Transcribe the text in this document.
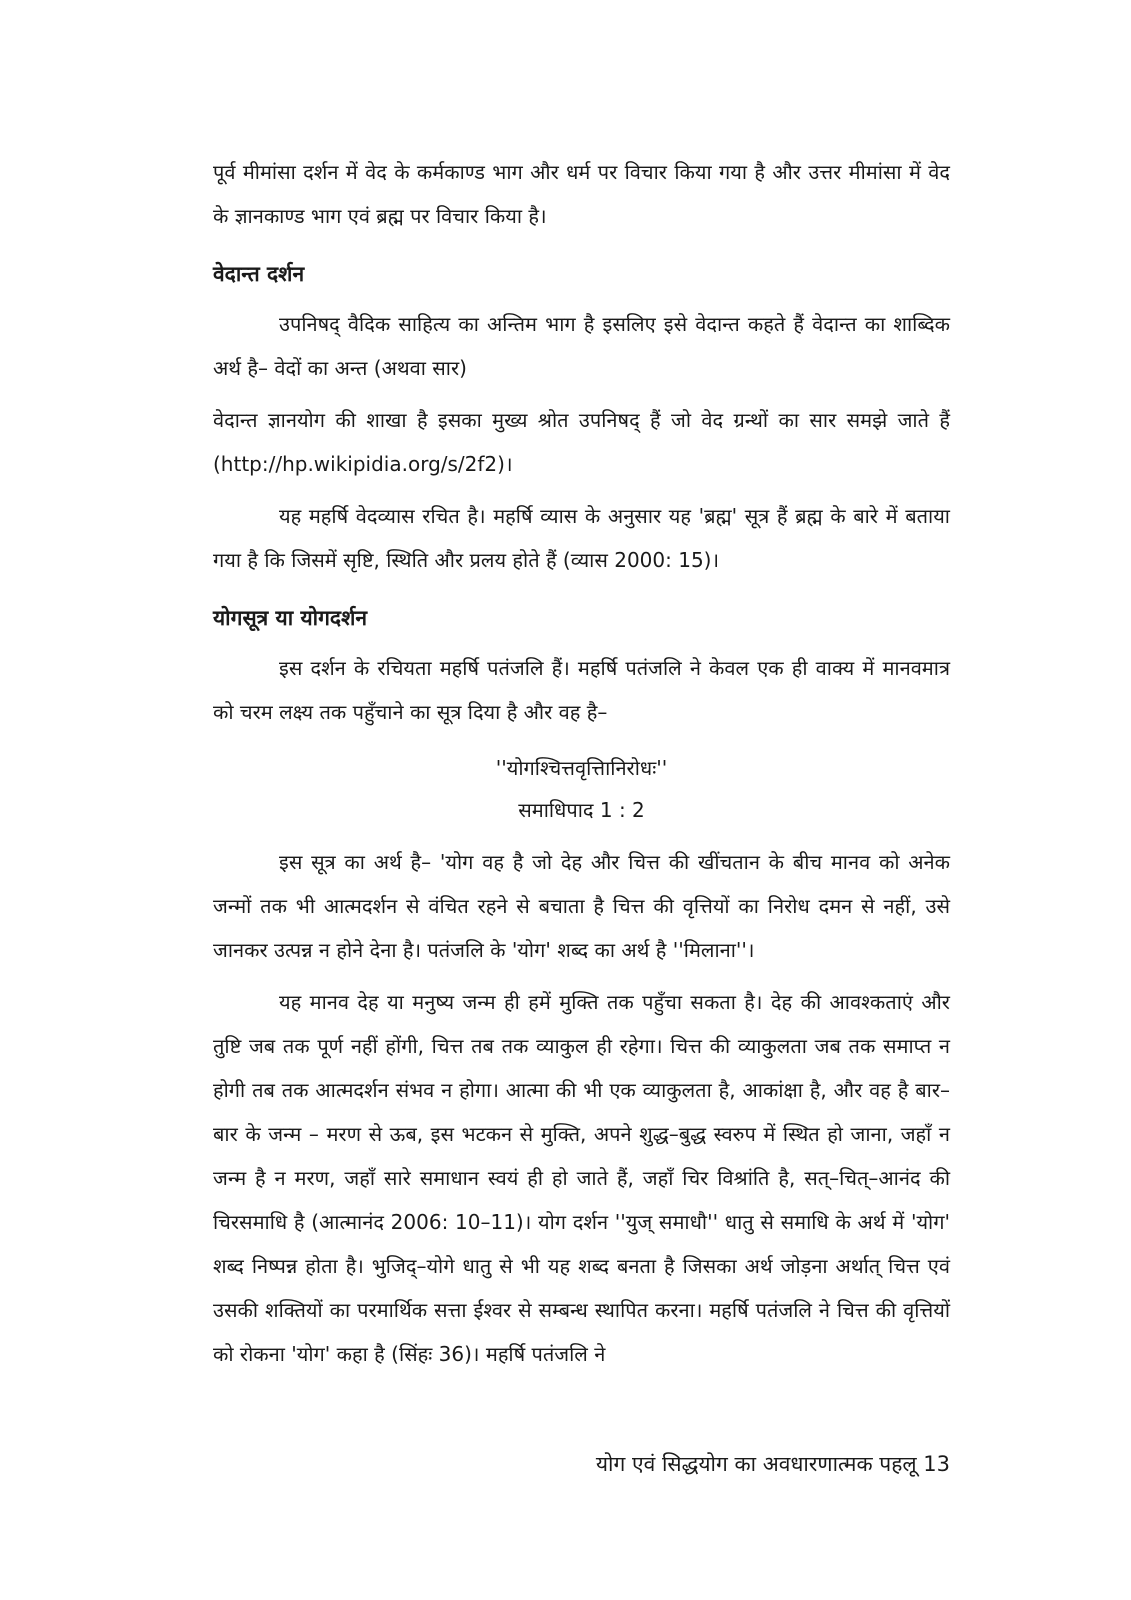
पूर्व मीमांसा दर्शन में वेद के कर्मकाण्ड भाग और धर्म पर विचार किया गया है और उत्तर मीमांसा में वेद के ज्ञानकाण्ड भाग एवं ब्रह्म पर विचार किया है।

वेदान्त दर्शन

उपनिषद् वैदिक साहित्य का अन्तिम भाग है इसलिए इसे वेदान्त कहते हैं वेदान्त का शाब्दिक अर्थ है– वेदों का अन्त (अथवा सार)

वेदान्त ज्ञानयोग की शाखा है इसका मुख्य श्रोत उपनिषद् हैं जो वेद ग्रन्थों का सार समझे जाते हैं (http://hp.wikipidia.org/s/2f2)।

यह महर्षि वेदव्यास रचित है। महर्षि व्यास के अनुसार यह 'ब्रह्म' सूत्र हैं ब्रह्म के बारे में बताया गया है कि जिसमें सृष्टि, स्थिति और प्रलय होते हैं (व्यास 2000: 15)।

योगसूत्र या योगदर्शन

इस दर्शन के रचियता महर्षि पतंजलि हैं। महर्षि पतंजलि ने केवल एक ही वाक्य में मानवमात्र को चरम लक्ष्य तक पहुँचाने का सूत्र दिया है और वह है–

''योगश्चित्तवृत्तिानिरोधः''

समाधिपाद 1 : 2

इस सूत्र का अर्थ है– 'योग वह है जो देह और चित्त की खींचतान के बीच मानव को अनेक जन्मों तक भी आत्मदर्शन से वंचित रहने से बचाता है चित्त की वृत्तियों का निरोध दमन से नहीं, उसे जानकर उत्पन्न न होने देना है। पतंजलि के 'योग' शब्द का अर्थ है ''मिलाना''।

यह मानव देह या मनुष्य जन्म ही हमें मुक्ति तक पहुँचा सकता है। देह की आवश्कताएं और तुष्टि जब तक पूर्ण नहीं होंगी, चित्त तब तक व्याकुल ही रहेगा। चित्त की व्याकुलता जब तक समाप्त न होगी तब तक आत्मदर्शन संभव न होगा। आत्मा की भी एक व्याकुलता है, आकांक्षा है, और वह है बार–बार के जन्म – मरण से ऊब, इस भटकन से मुक्ति, अपने शुद्ध–बुद्ध स्वरुप में स्थित हो जाना, जहाँ न जन्म है न मरण, जहाँ सारे समाधान स्वयं ही हो जाते हैं, जहाँ चिर विश्रांति है, सत्–चित्–आनंद की चिरसमाधि है (आत्मानंद 2006: 10–11)। योग दर्शन ''युज् समाधौ'' धातु से समाधि के अर्थ में 'योग' शब्द निष्पन्न होता है। भुजिद्–योगे धातु से भी यह शब्द बनता है जिसका अर्थ जोड़ना अर्थात् चित्त एवं उसकी शक्तियों का परमार्थिक सत्ता ईश्वर से सम्बन्ध स्थापित करना। महर्षि पतंजलि ने चित्त की वृत्तियों को रोकना 'योग' कहा है (सिंहः 36)। महर्षि पतंजलि ने

योग एवं सिद्धयोग का अवधारणात्मक पहलू 13
